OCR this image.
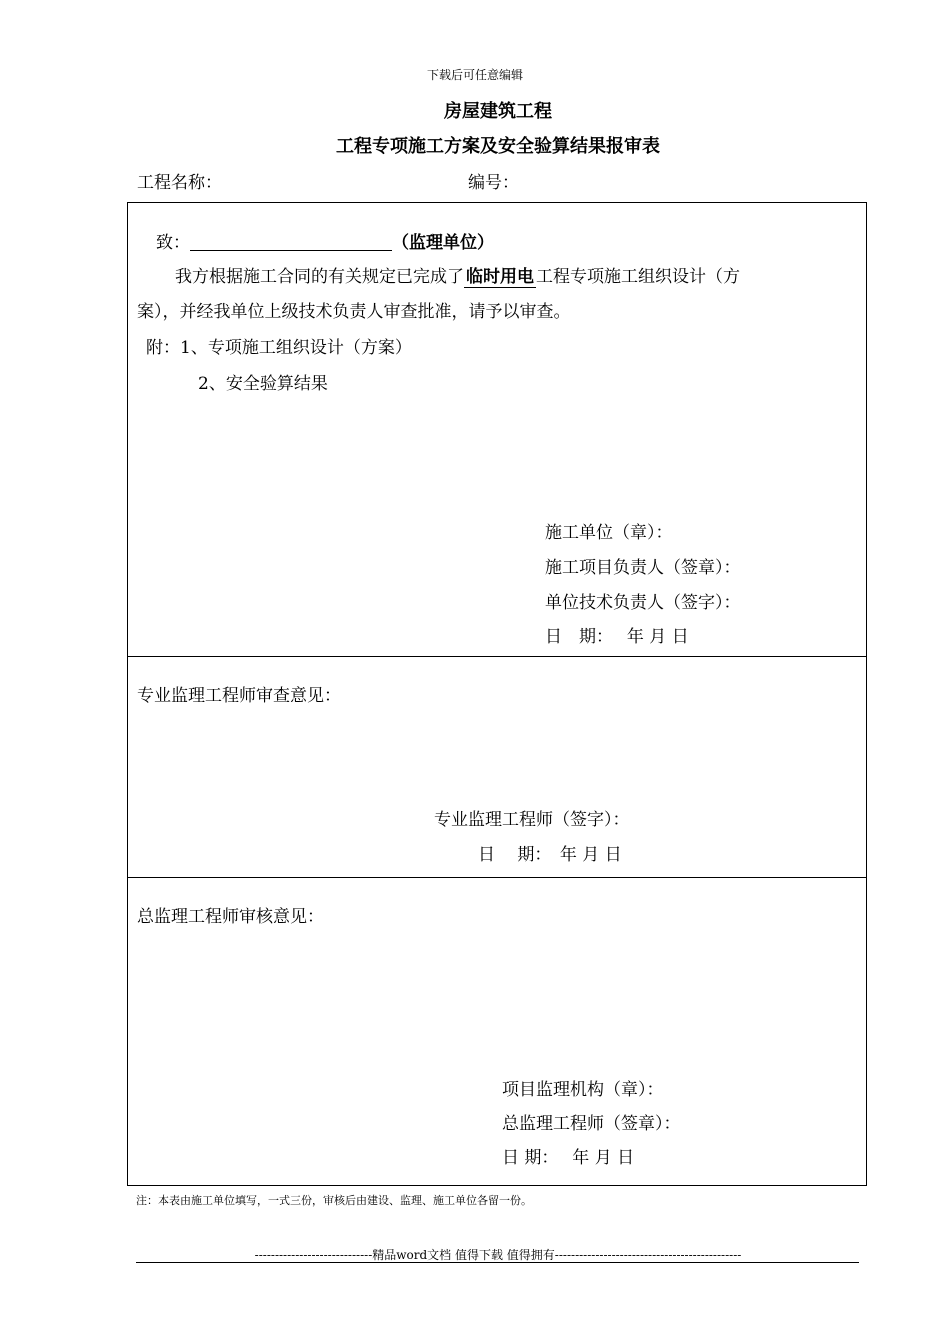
下载后可任意编辑
房屋建筑工程
工程专项施工方案及安全验算结果报审表
工程名称：	编号：
致：	（监理单位）
我方根据施工合同的有关规定已完成了 临时用电 工程专项施工组织设计（方
案），并经我单位上级技术负责人审查批准，请予以审查。
附：1、专项施工组织设计（方案）
2、安全验算结果
施工单位（章）：
施工项目负责人（签章）：
单位技术负责人（签字）：
日　期：　 年 月 日
专业监理工程师审查意见：
专业监理工程师（签字）：
日　 期：　年 月 日
总监理工程师审核意见：
项目监理机构（章）：
总监理工程师（签章）：
日 期：　 年 月 日
注：本表由施工单位填写，一式三份，审核后由建设、监理、施工单位各留一份。
-----------------------------精品word文档 值得下载 值得拥有----------------------------------------------
